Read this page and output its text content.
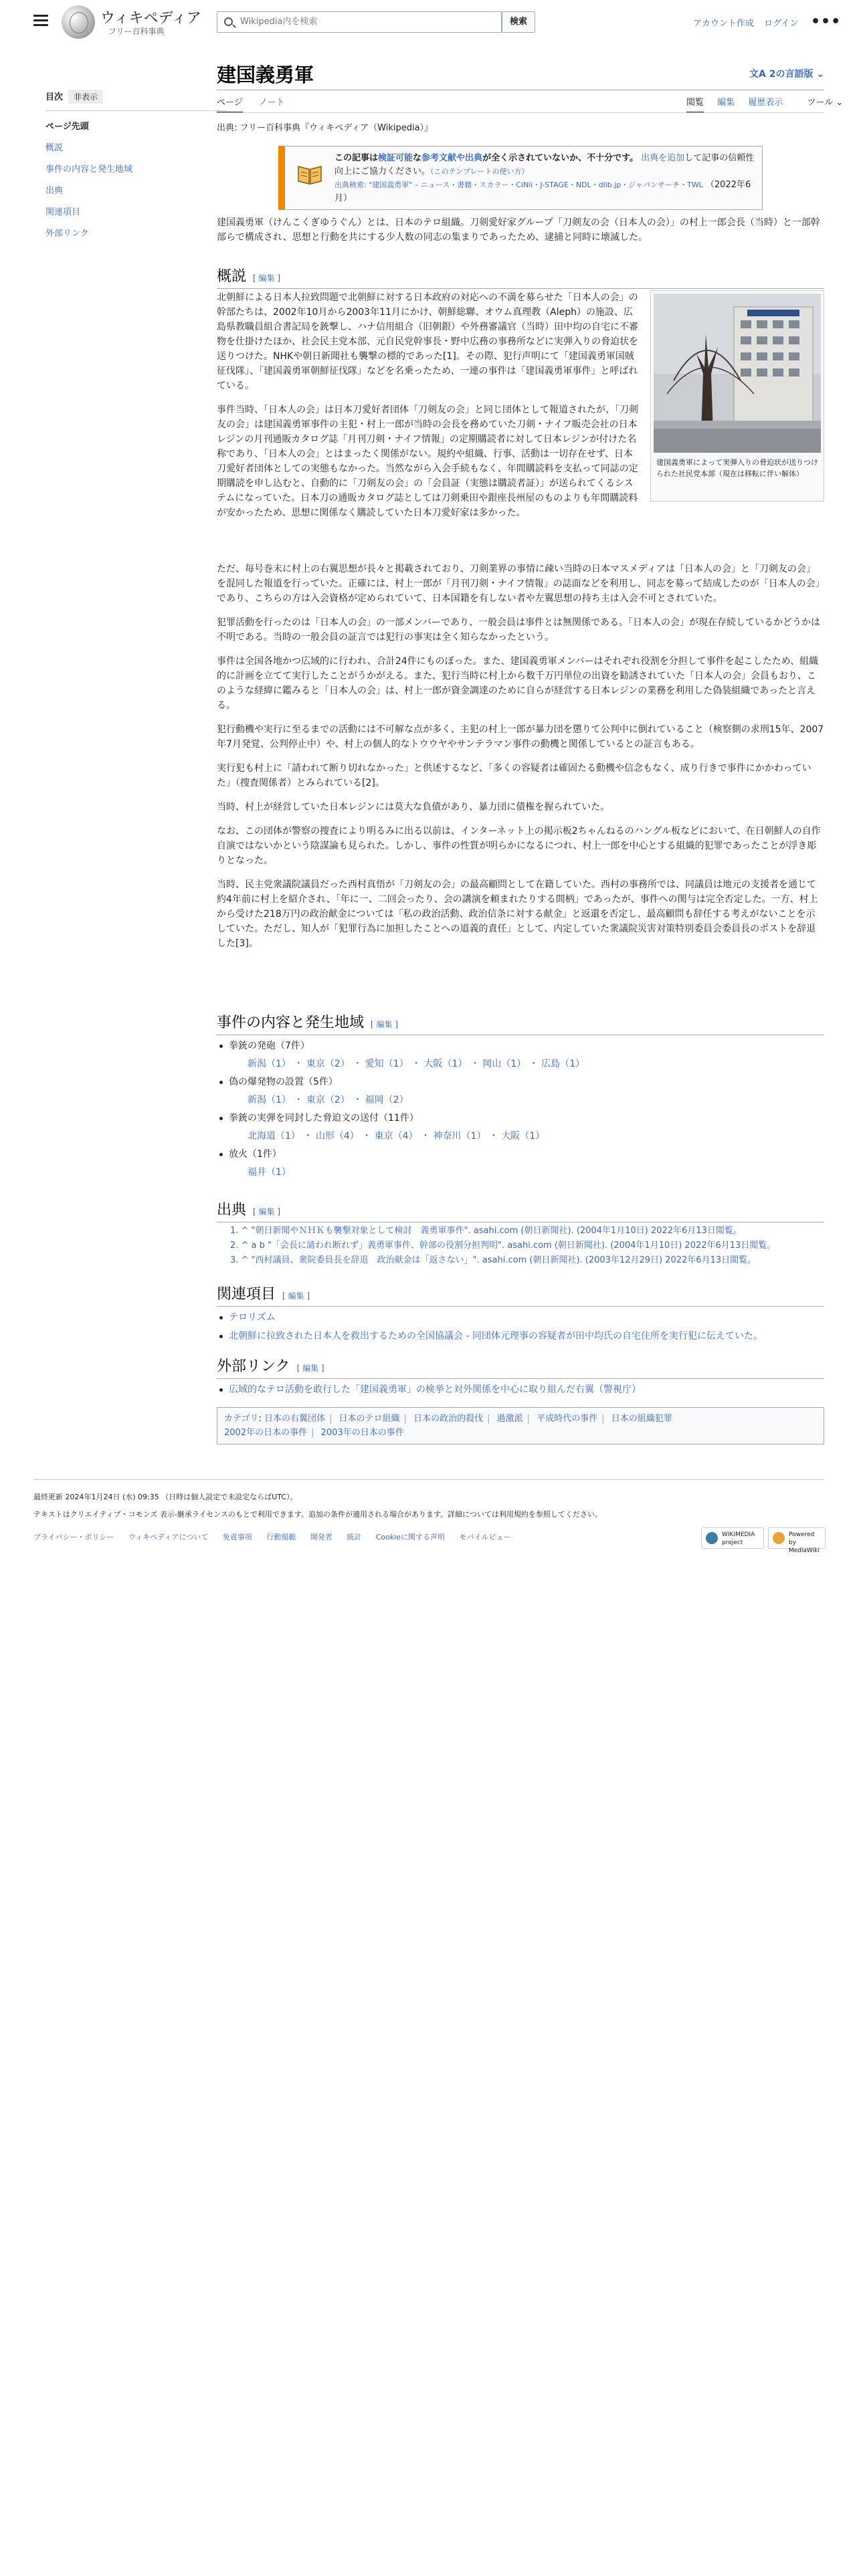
ウィキペディア
フリー百科事典
Wikipedia内を検索	検索	アカウント作成 ログイン •••
目次 非表示
ページ先頭
概説
事件の内容と発生地域
出典
関連項目
外部リンク
建国義勇軍	文A 2の言語版 ⌄
ページ ノート	閲覧 編集 履歴表示	ツール ⌄
出典: フリー百科事典『ウィキペディア（Wikipedia）』
この記事は検証可能な参考文献や出典が全く示されていないか、不十分です。 出典を追加して記事の信頼性向上にご協力ください。（このテンプレートの使い方）
出典検索: "建国義勇軍" – ニュース・書籍・スカラー・CiNii・J-STAGE・NDL・dlib.jp・ジャパンサーチ・TWL （2022年6月）

建国義勇軍（けんこくぎゆうぐん）とは、日本のテロ組織。刀剣愛好家グループ「刀剣友の会（日本人の会）」の村上一郎会長（当時）と一部幹部らで構成され、思想と行動を共にする少人数の同志の集まりであったため、逮捕と同時に壊滅した。

概説 [ 編集 ]
建国義勇軍によって実弾入りの脅迫状が送りつけられた社民党本部（現在は移転に伴い解体）

北朝鮮による日本人拉致問題で北朝鮮に対する日本政府の対応への不満を募らせた「日本人の会」の幹部たちは、2002年10月から2003年11月にかけ、朝鮮総聯、オウム真理教（Aleph）の施設、広島県教職員組合書記局を銃撃し、ハナ信用組合（旧朝銀）や外務審議官（当時）田中均の自宅に不審物を仕掛けたほか、社会民主党本部、元自民党幹事長・野中広務の事務所などに実弾入りの脅迫状を送りつけた。NHKや朝日新聞社も襲撃の標的であった[1]。その際、犯行声明にて「建国義勇軍国賊征伐隊」、「建国義勇軍朝鮮征伐隊」などを名乗ったため、一連の事件は「建国義勇軍事件」と呼ばれている。

事件当時、「日本人の会」は日本刀愛好者団体「刀剣友の会」と同じ団体として報道されたが、「刀剣友の会」は建国義勇軍事件の主犯・村上一郎が当時の会長を務めていた刀剣・ナイフ販売会社の日本レジンの月刊通販カタログ誌「月刊刀剣・ナイフ情報」の定期購読者に対して日本レジンが付けた名称であり、「日本人の会」とはまったく関係がない。規約や組織、行事、活動は一切存在せず、日本刀愛好者団体としての実態もなかった。当然ながら入会手続もなく、年間購読料を支払って同誌の定期購読を申し込むと、自動的に「刀剣友の会」の「会員証（実態は購読者証）」が送られてくるシステムになっていた。日本刀の通販カタログ誌としては刀剣乗田や銀座長州屋のものよりも年間購読料が安かったため、思想に関係なく購読していた日本刀愛好家は多かった。

ただ、毎号巻末に村上の右翼思想が長々と掲載されており、刀剣業界の事情に疎い当時の日本マスメディアは「日本人の会」と「刀剣友の会」を混同した報道を行っていた。正確には、村上一郎が「月刊刀剣・ナイフ情報」の誌面などを利用し、同志を募って結成したのが「日本人の会」であり、こちらの方は入会資格が定められていて、日本国籍を有しない者や左翼思想の持ち主は入会不可とされていた。

犯罪活動を行ったのは「日本人の会」の一部メンバーであり、一般会員は事件とは無関係である。「日本人の会」が現在存続しているかどうかは不明である。当時の一般会員の証言では犯行の事実は全く知らなかったという。

事件は全国各地かつ広域的に行われ、合計24件にものぼった。また、建国義勇軍メンバーはそれぞれ役割を分担して事件を起こしたため、組織的に計画を立てて実行したことがうかがえる。また、犯行当時に村上から数千万円単位の出資を勧誘されていた「日本人の会」会員もおり、このような経緯に鑑みると「日本人の会」は、村上一郎が資金調達のために自らが経営する日本レジンの業務を利用した偽装組織であったと言える。

犯行動機や実行に至るまでの活動には不可解な点が多く、主犯の村上一郎が暴力団を懲りて公判中に倒れていること（検察側の求刑15年、2007年7月発覚、公判停止中）や、村上の個人的なトウウヤやサンテラマン事件の動機と関係しているとの証言もある。

実行犯も村上に「請われて断り切れなかった」と供述するなど、「多くの容疑者は確固たる動機や信念もなく、成り行きで事件にかかわっていた」（捜査関係者）とみられている[2]。

当時、村上が経営していた日本レジンには莫大な負債があり、暴力団に債権を握られていた。

なお、この団体が警察の捜査により明るみに出る以前は、インターネット上の掲示板2ちゃんねるのハングル板などにおいて、在日朝鮮人の自作自演ではないかという陰謀論も見られた。しかし、事件の性質が明らかになるにつれ、村上一郎を中心とする組織的犯罪であったことが浮き彫りとなった。

当時、民主党衆議院議員だった西村真悟が「刀剣友の会」の最高顧問として在籍していた。西村の事務所では、同議員は地元の支援者を通じて約4年前に村上を紹介され、「年に一、二回会ったり、会の講演を頼まれたりする間柄」であったが、事件への関与は完全否定した。一方、村上から受けた218万円の政治献金については「私の政治活動、政治信条に対する献金」と返還を否定し、最高顧問も辞任する考えがないことを示していた。ただし、知人が「犯罪行為に加担したことへの道義的責任」として、内定していた衆議院災害対策特別委員会委員長のポストを辞退した[3]。

事件の内容と発生地域 [ 編集 ]
拳銃の発砲（7件）
新潟（1） ・ 東京（2） ・ 愛知（1） ・ 大阪（1） ・ 岡山（1） ・ 広島（1）
偽の爆発物の設置（5件）
新潟（1） ・ 東京（2） ・ 福岡（2）
拳銃の実弾を同封した脅迫文の送付（11件）
北海道（1） ・ 山形（4） ・ 東京（4） ・ 神奈川（1） ・ 大阪（1）
放火（1件）
福井（1）
出典 [ 編集 ]
1. ^ "朝日新聞やＮＨＫも襲撃対象として検討　義勇軍事件". asahi.com (朝日新聞社). (2004年1月10日) 2022年6月13日閲覧。
2. ^ a b "「会長に請われ断れず」義勇軍事件、幹部の役割分担判明". asahi.com (朝日新聞社). (2004年1月10日) 2022年6月13日閲覧。
3. ^ "西村議員、衆院委員長を辞退　政治献金は「返さない」". asahi.com (朝日新聞社). (2003年12月29日) 2022年6月13日閲覧。
関連項目 [ 編集 ]
テロリズム
北朝鮮に拉致された日本人を救出するための全国協議会 - 同団体元理事の容疑者が田中均氏の自宅住所を実行犯に伝えていた。
外部リンク [ 編集 ]
広域的なテロ活動を敢行した「建国義勇軍」の検挙と対外関係を中心に取り組んだ右翼（警視庁）
カテゴリ: 日本の右翼団体 | 日本のテロ組織 | 日本の政治的殺伐 | 過激派 | 平成時代の事件 | 日本の組織犯罪
2002年の日本の事件 | 2003年の日本の事件
最終更新 2024年1月24日 (水) 09:35 （日時は個人設定で未設定ならばUTC）。
テキストはクリエイティブ・コモンズ 表示-継承ライセンスのもとで利用できます。追加の条件が適用される場合があります。詳細については利用規約を参照してください。
プライバシー・ポリシー ウィキペディアについて 免責事項 行動規範 開発者 統計 Cookieに関する声明 モバイルビュー	WIKIMEDIA project
Powered by MediaWiki
